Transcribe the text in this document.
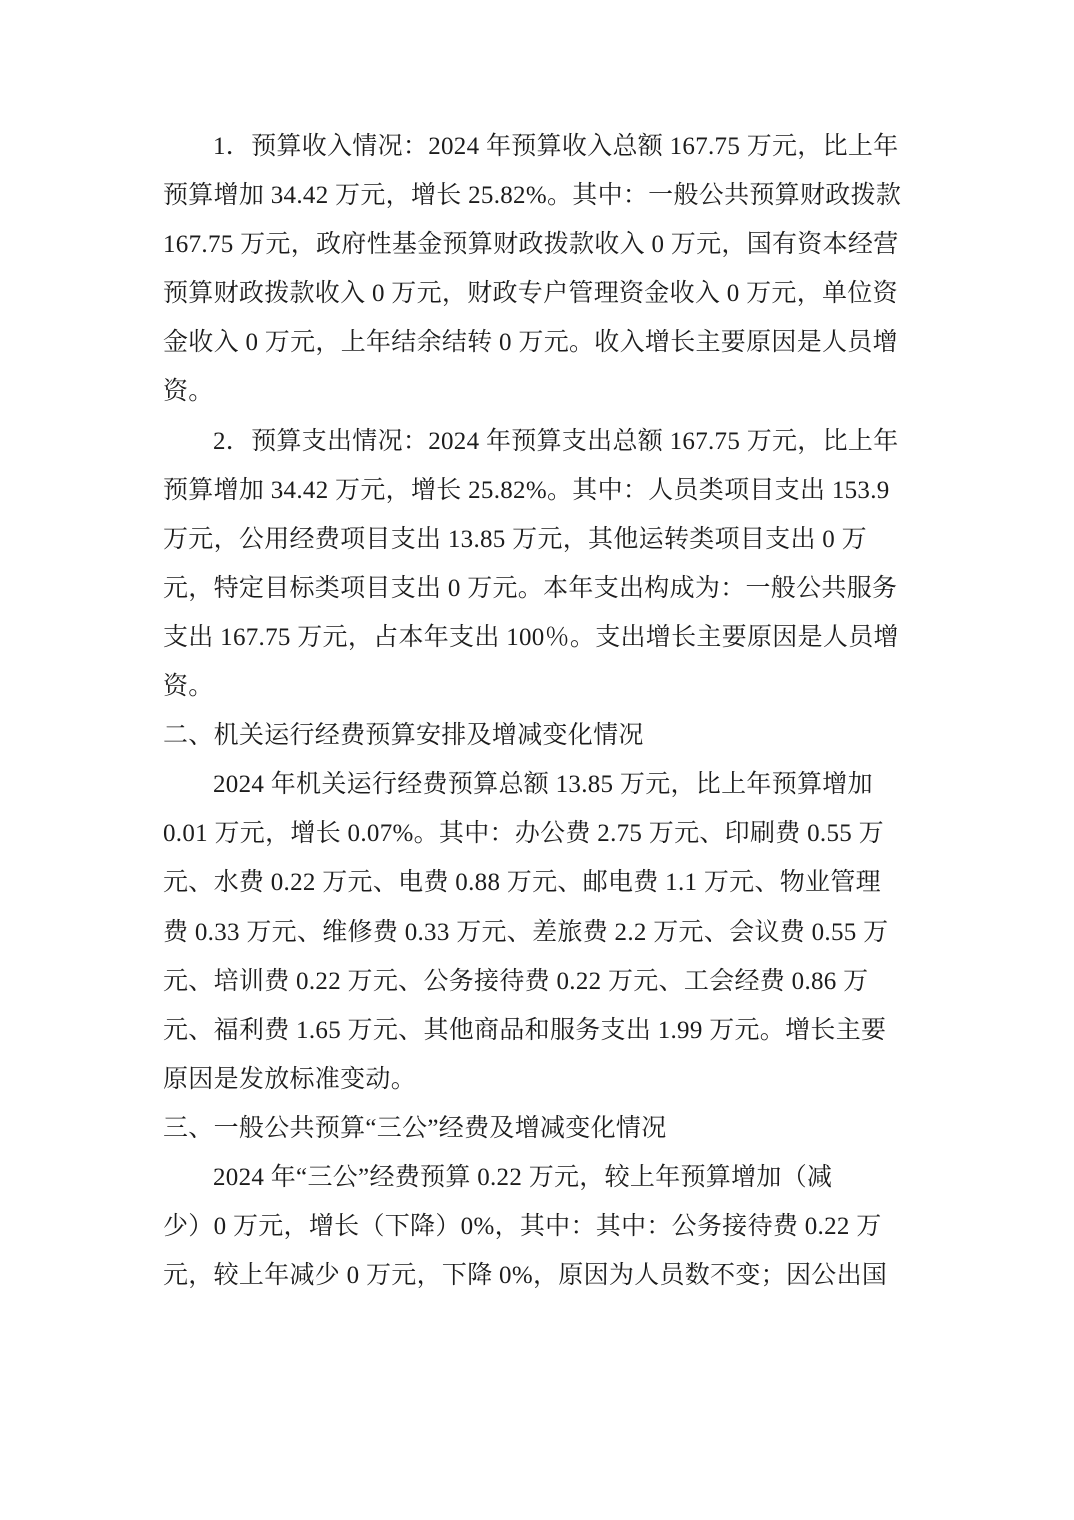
1．预算收入情况：2024 年预算收入总额 167.75 万元，比上年
预算增加 34.42 万元，增长 25.82%。其中：一般公共预算财政拨款
167.75 万元，政府性基金预算财政拨款收入 0 万元，国有资本经营
预算财政拨款收入 0 万元，财政专户管理资金收入 0 万元，单位资
金收入 0 万元，上年结余结转 0 万元。收入增长主要原因是人员增
资。
2．预算支出情况：2024 年预算支出总额 167.75 万元，比上年
预算增加 34.42 万元，增长 25.82%。其中：人员类项目支出 153.9
万元，公用经费项目支出 13.85 万元，其他运转类项目支出 0 万
元，特定目标类项目支出 0 万元。本年支出构成为：一般公共服务
支出 167.75 万元，占本年支出 100％。支出增长主要原因是人员增
资。
二、机关运行经费预算安排及增减变化情况
2024 年机关运行经费预算总额 13.85 万元，比上年预算增加
0.01 万元，增长 0.07%。其中：办公费 2.75 万元、印刷费 0.55 万
元、水费 0.22 万元、电费 0.88 万元、邮电费 1.1 万元、物业管理
费 0.33 万元、维修费 0.33 万元、差旅费 2.2 万元、会议费 0.55 万
元、培训费 0.22 万元、公务接待费 0.22 万元、工会经费 0.86 万
元、福利费 1.65 万元、其他商品和服务支出 1.99 万元。增长主要
原因是发放标准变动。
三、一般公共预算“三公”经费及增减变化情况
2024 年“三公”经费预算 0.22 万元，较上年预算增加（减
少）0 万元，增长（下降）0%，其中：其中：公务接待费 0.22 万
元，较上年减少 0 万元，下降 0%，原因为人员数不变；因公出国
